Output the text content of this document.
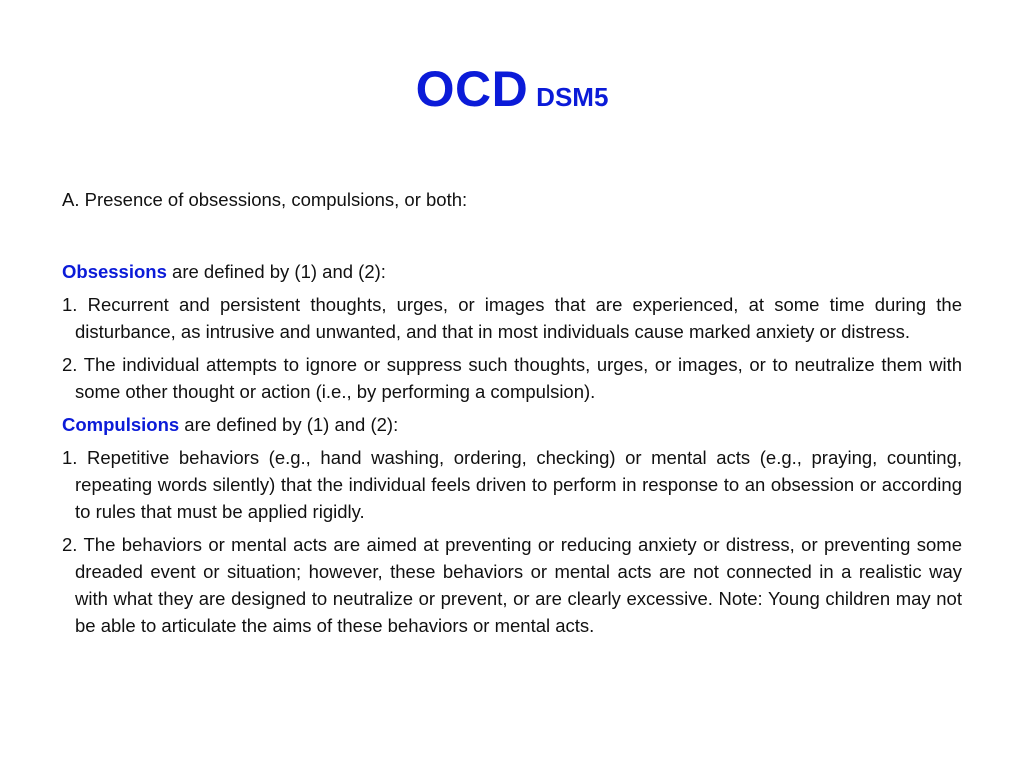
OCD DSM5

A. Presence of obsessions, compulsions, or both:

Obsessions are defined by (1) and (2):

1. Recurrent and persistent thoughts, urges, or images that are experienced, at some time during the disturbance, as intrusive and unwanted, and that in most individuals cause marked anxiety or distress.

2. The individual attempts to ignore or suppress such thoughts, urges, or images, or to neutralize them with some other thought or action (i.e., by performing a compulsion).

Compulsions are defined by (1) and (2):

1. Repetitive behaviors (e.g., hand washing, ordering, checking) or mental acts (e.g., praying, counting, repeating words silently) that the individual feels driven to perform in response to an obsession or according to rules that must be applied rigidly.

2. The behaviors or mental acts are aimed at preventing or reducing anxiety or distress, or preventing some dreaded event or situation; however, these behaviors or mental acts are not connected in a realistic way with what they are designed to neutralize or prevent, or are clearly excessive. Note: Young children may not be able to articulate the aims of these behaviors or mental acts.
